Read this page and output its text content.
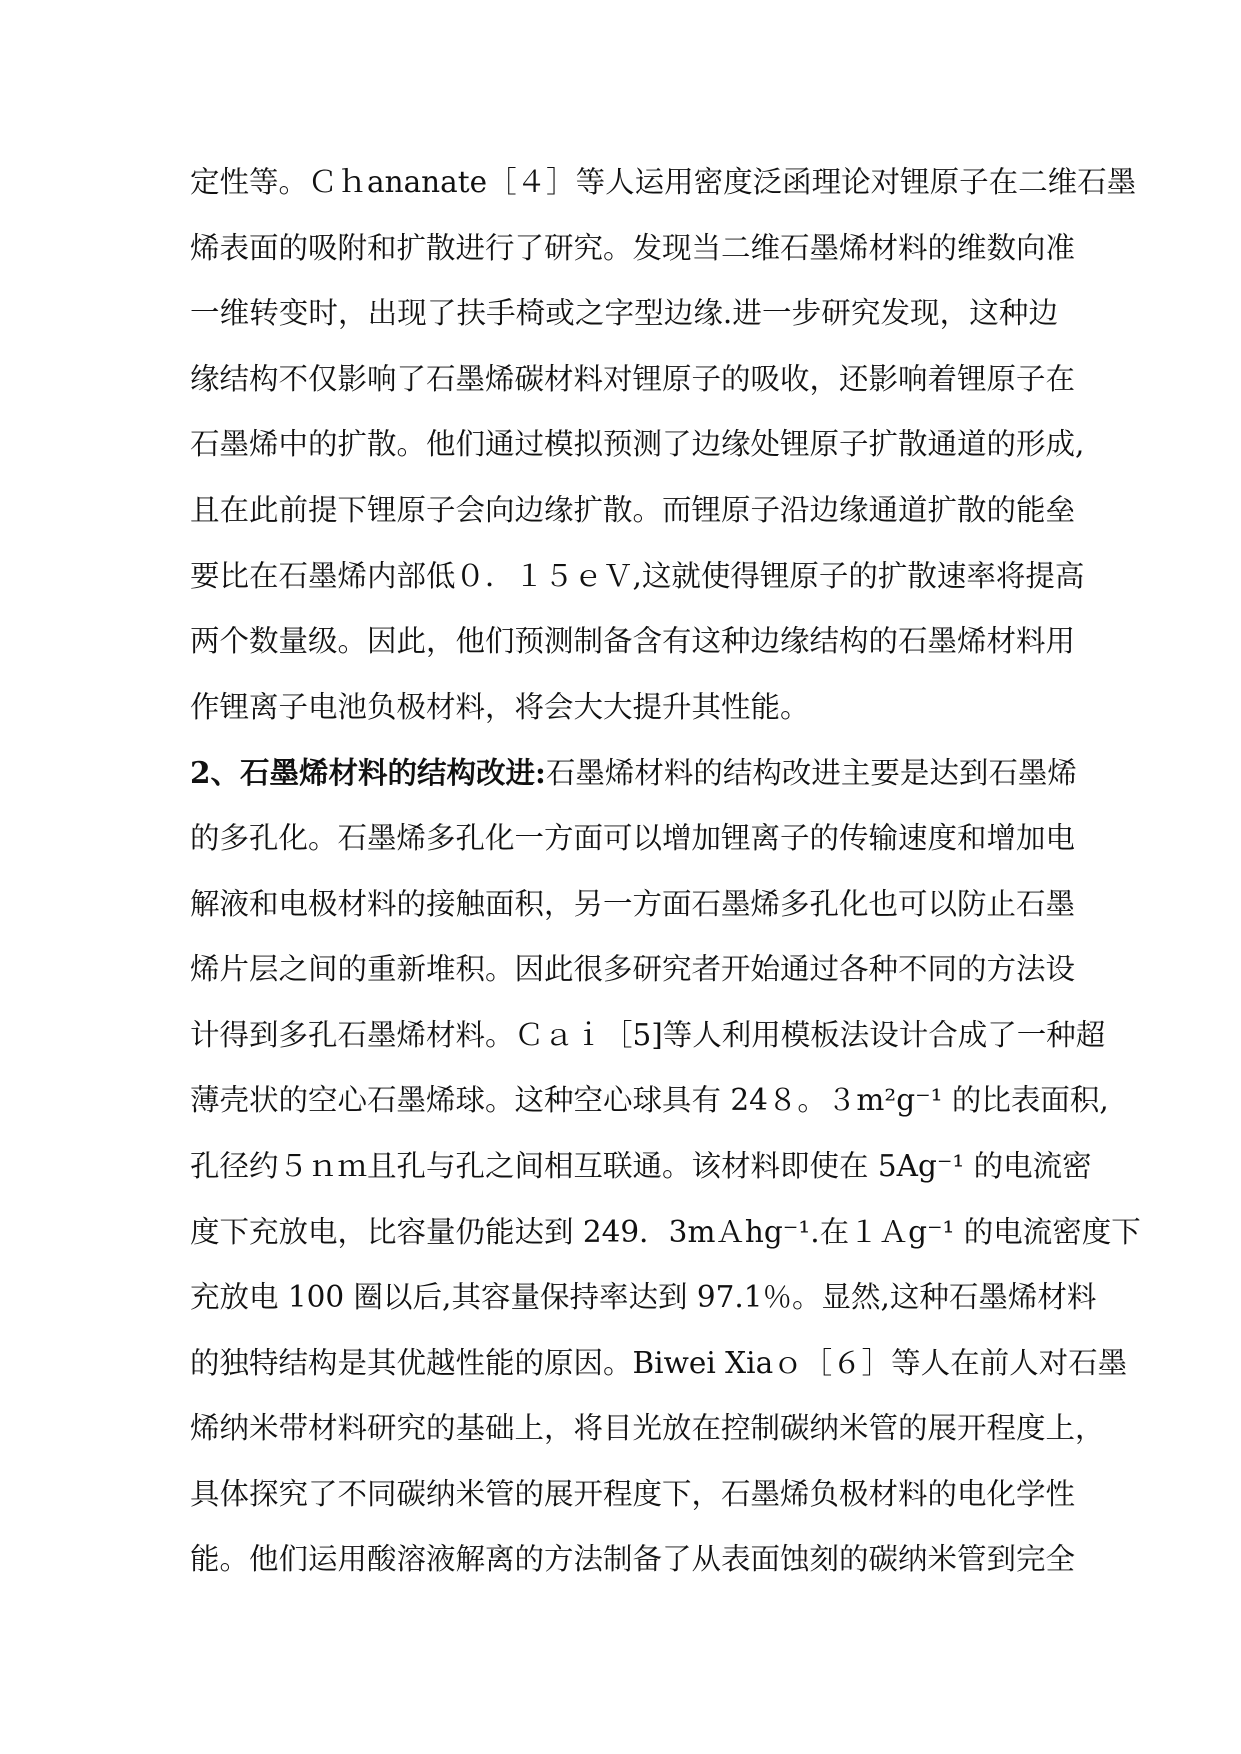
定性等。Ｃｈananate［４］等人运用密度泛函理论对锂原子在二维石墨
烯表面的吸附和扩散进行了研究。发现当二维石墨烯材料的维数向准
一维转变时，出现了扶手椅或之字型边缘.进一步研究发现，这种边
缘结构不仅影响了石墨烯碳材料对锂原子的吸收，还影响着锂原子在
石墨烯中的扩散。他们通过模拟预测了边缘处锂原子扩散通道的形成,
且在此前提下锂原子会向边缘扩散。而锂原子沿边缘通道扩散的能垒
要比在石墨烯内部低０．１５ｅＶ,这就使得锂原子的扩散速率将提高
两个数量级。因此，他们预测制备含有这种边缘结构的石墨烯材料用
作锂离子电池负极材料，将会大大提升其性能。
2、石墨烯材料的结构改进:石墨烯材料的结构改进主要是达到石墨烯
的多孔化。石墨烯多孔化一方面可以增加锂离子的传输速度和增加电
解液和电极材料的接触面积，另一方面石墨烯多孔化也可以防止石墨
烯片层之间的重新堆积。因此很多研究者开始通过各种不同的方法设
计得到多孔石墨烯材料。Ｃａｉ［5]等人利用模板法设计合成了一种超
薄壳状的空心石墨烯球。这种空心球具有 24８。３m²g⁻¹ 的比表面积,
孔径约５ｎｍ且孔与孔之间相互联通。该材料即使在 5Ag⁻¹ 的电流密
度下充放电，比容量仍能达到 249．3mＡhg⁻¹.在１Ａg⁻¹ 的电流密度下
充放电 100 圈以后,其容量保持率达到 97.1％。显然,这种石墨烯材料
的独特结构是其优越性能的原因。Biwei Xiaｏ［６］等人在前人对石墨
烯纳米带材料研究的基础上，将目光放在控制碳纳米管的展开程度上，
具体探究了不同碳纳米管的展开程度下，石墨烯负极材料的电化学性
能。他们运用酸溶液解离的方法制备了从表面蚀刻的碳纳米管到完全
